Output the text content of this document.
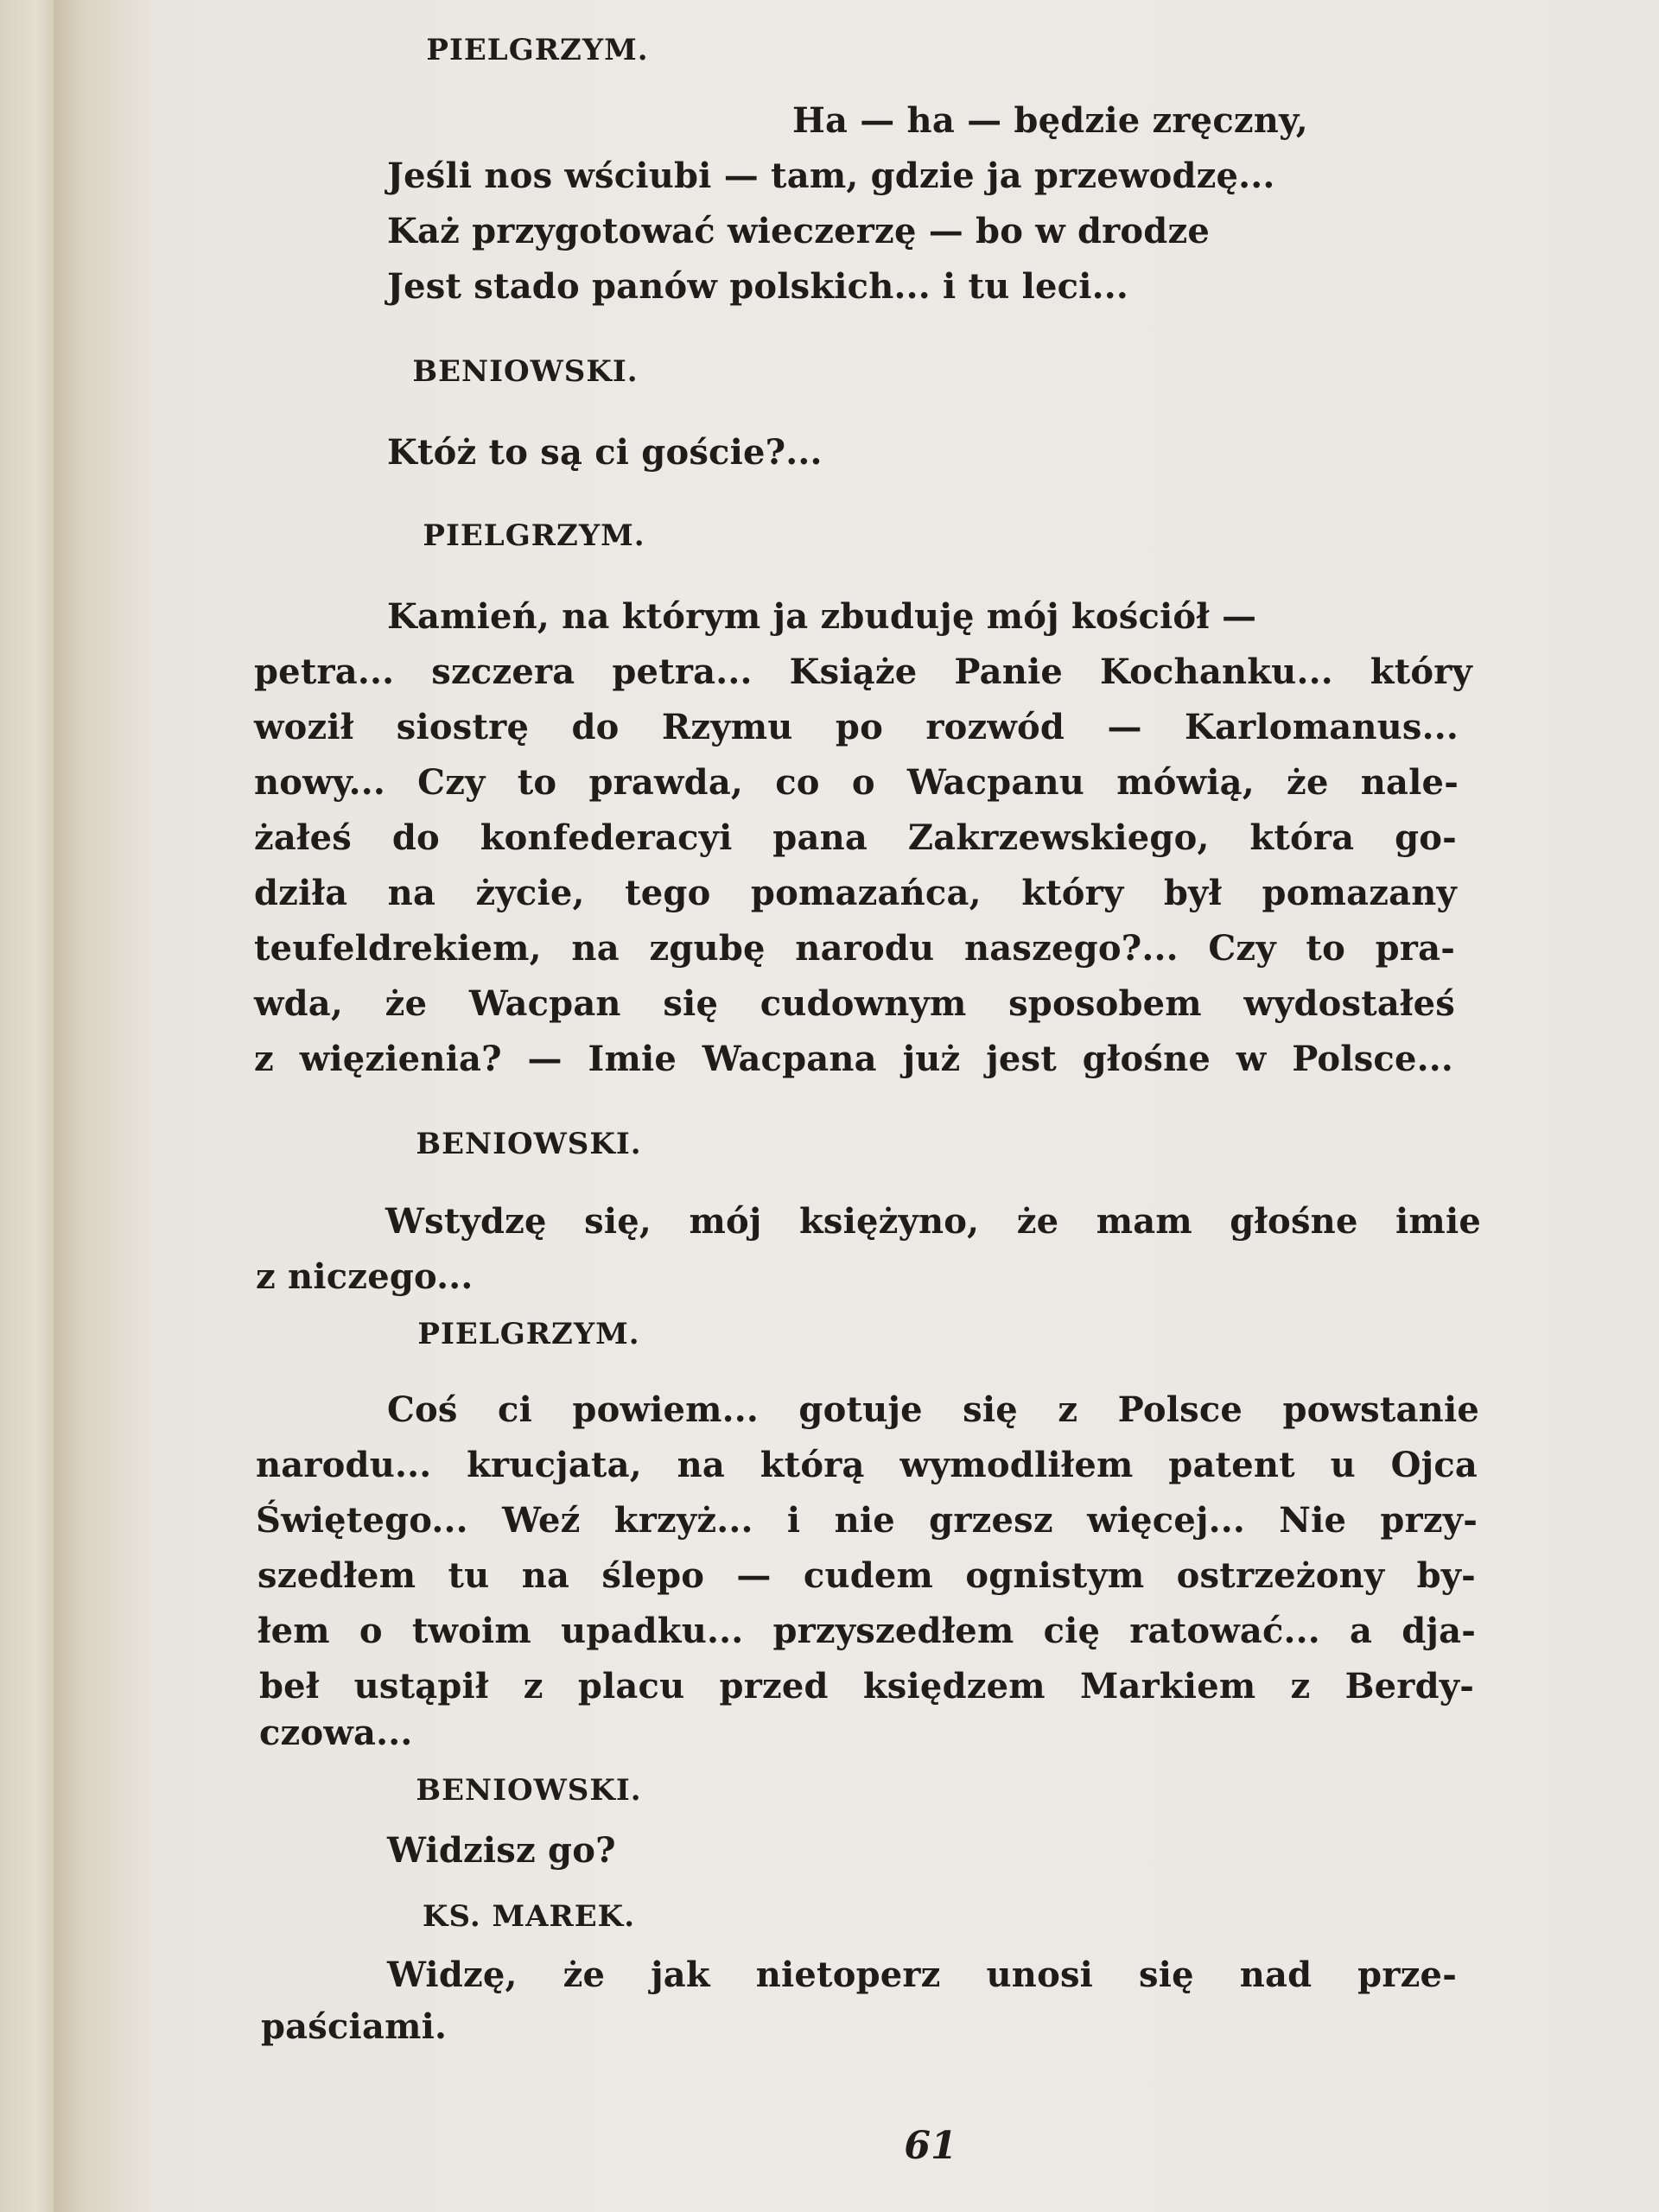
PIELGRZYM.

Ha — ha — będzie zręczny,

Jeśli nos wściubi — tam, gdzie ja przewodzę...

Każ przygotować wieczerzę — bo w drodze

Jest stado panów polskich... i tu leci...

BENIOWSKI.

Któż to są ci goście?...

PIELGRZYM.

Kamień, na którym ja zbuduję mój kościół —

petra... szczera petra... Książe Panie Kochanku... który

woził siostrę do Rzymu po rozwód — Karlomanus...

nowy... Czy to prawda, co o Wacpanu mówią, że nale-

żałeś do konfederacyi pana Zakrzewskiego, która go-

dziła na życie, tego pomazańca, który był pomazany

teufeldrekiem, na zgubę narodu naszego?... Czy to pra-

wda, że Wacpan się cudownym sposobem wydostałeś

z więzienia? — Imie Wacpana już jest głośne w Polsce...

BENIOWSKI.

Wstydzę się, mój księżyno, że mam głośne imie

z niczego...

PIELGRZYM.

Coś ci powiem... gotuje się z Polsce powstanie

narodu... krucjata, na którą wymodliłem patent u Ojca

Świętego... Weź krzyż... i nie grzesz więcej... Nie przy-

szedłem tu na ślepo — cudem ognistym ostrzeżony by-

łem o twoim upadku... przyszedłem cię ratować... a dja-

beł ustąpił z placu przed księdzem Markiem z Berdy-

czowa...

BENIOWSKI.

Widzisz go?

KS. MAREK.

Widzę, że jak nietoperz unosi się nad prze-

paściami.

61
